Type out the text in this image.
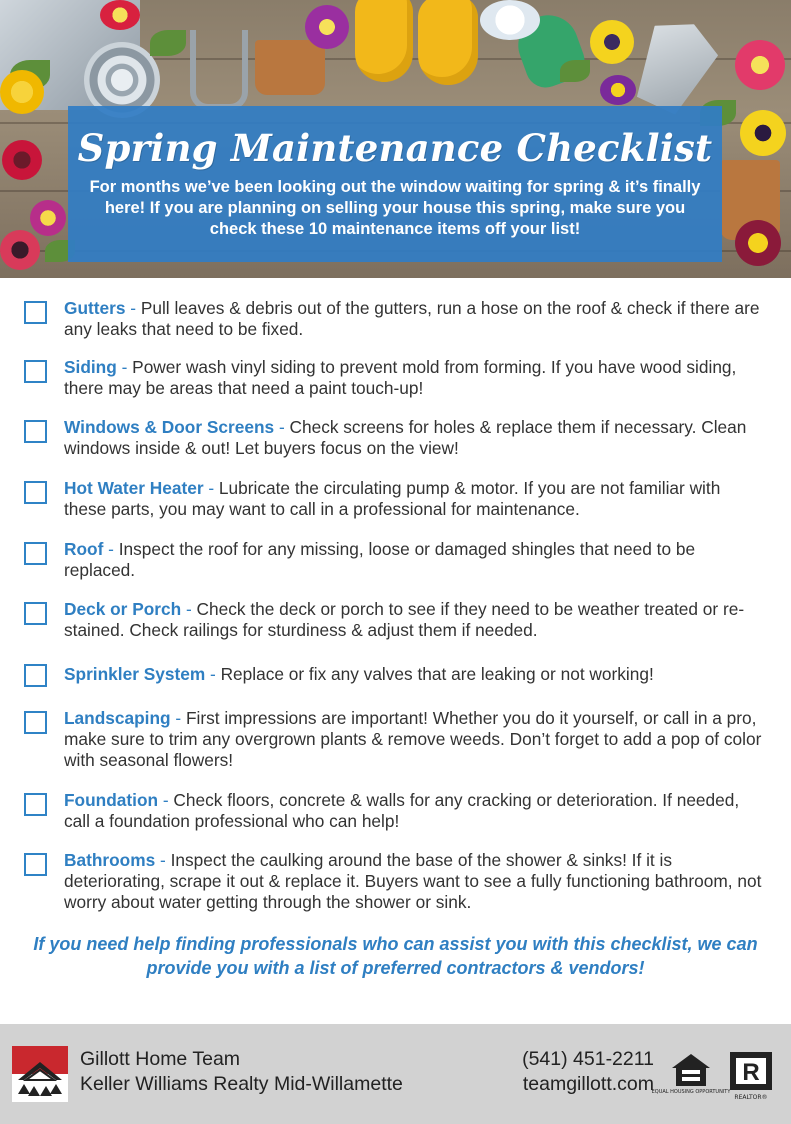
Spring Maintenance Checklist
For months we’ve been looking out the window waiting for spring & it’s finally here! If you are planning on selling your house this spring, make sure you check these 10 maintenance items off your list!
Gutters - Pull leaves & debris out of the gutters, run a hose on the roof & check if there are any leaks that need to be fixed.
Siding - Power wash vinyl siding to prevent mold from forming. If you have wood siding, there may be areas that need a paint touch-up!
Windows & Door Screens - Check screens for holes & replace them if necessary. Clean windows inside & out! Let buyers focus on the view!
Hot Water Heater - Lubricate the circulating pump & motor. If you are not familiar with these parts, you may want to call in a professional for maintenance.
Roof - Inspect the roof for any missing, loose or damaged shingles that need to be replaced.
Deck or Porch - Check the deck or porch to see if they need to be weather treated or re-stained. Check railings for sturdiness & adjust them if needed.
Sprinkler System - Replace or fix any valves that are leaking or not working!
Landscaping - First impressions are important! Whether you do it yourself, or call in a pro, make sure to trim any overgrown plants & remove weeds. Don’t forget to add a pop of color with seasonal flowers!
Foundation - Check floors, concrete & walls for any cracking or deterioration. If needed, call a foundation professional who can help!
Bathrooms - Inspect the caulking around the base of the shower & sinks! If it is deteriorating, scrape it out & replace it. Buyers want to see a fully functioning bathroom, not worry about water getting through the shower or sink.
If you need help finding professionals who can assist you with this checklist, we can provide you with a list of preferred contractors & vendors!
Gillott Home Team
Keller Williams Realty Mid-Willamette
(541) 451-2211
teamgillott.com
EQUAL HOUSING OPPORTUNITY
R
REALTOR®
